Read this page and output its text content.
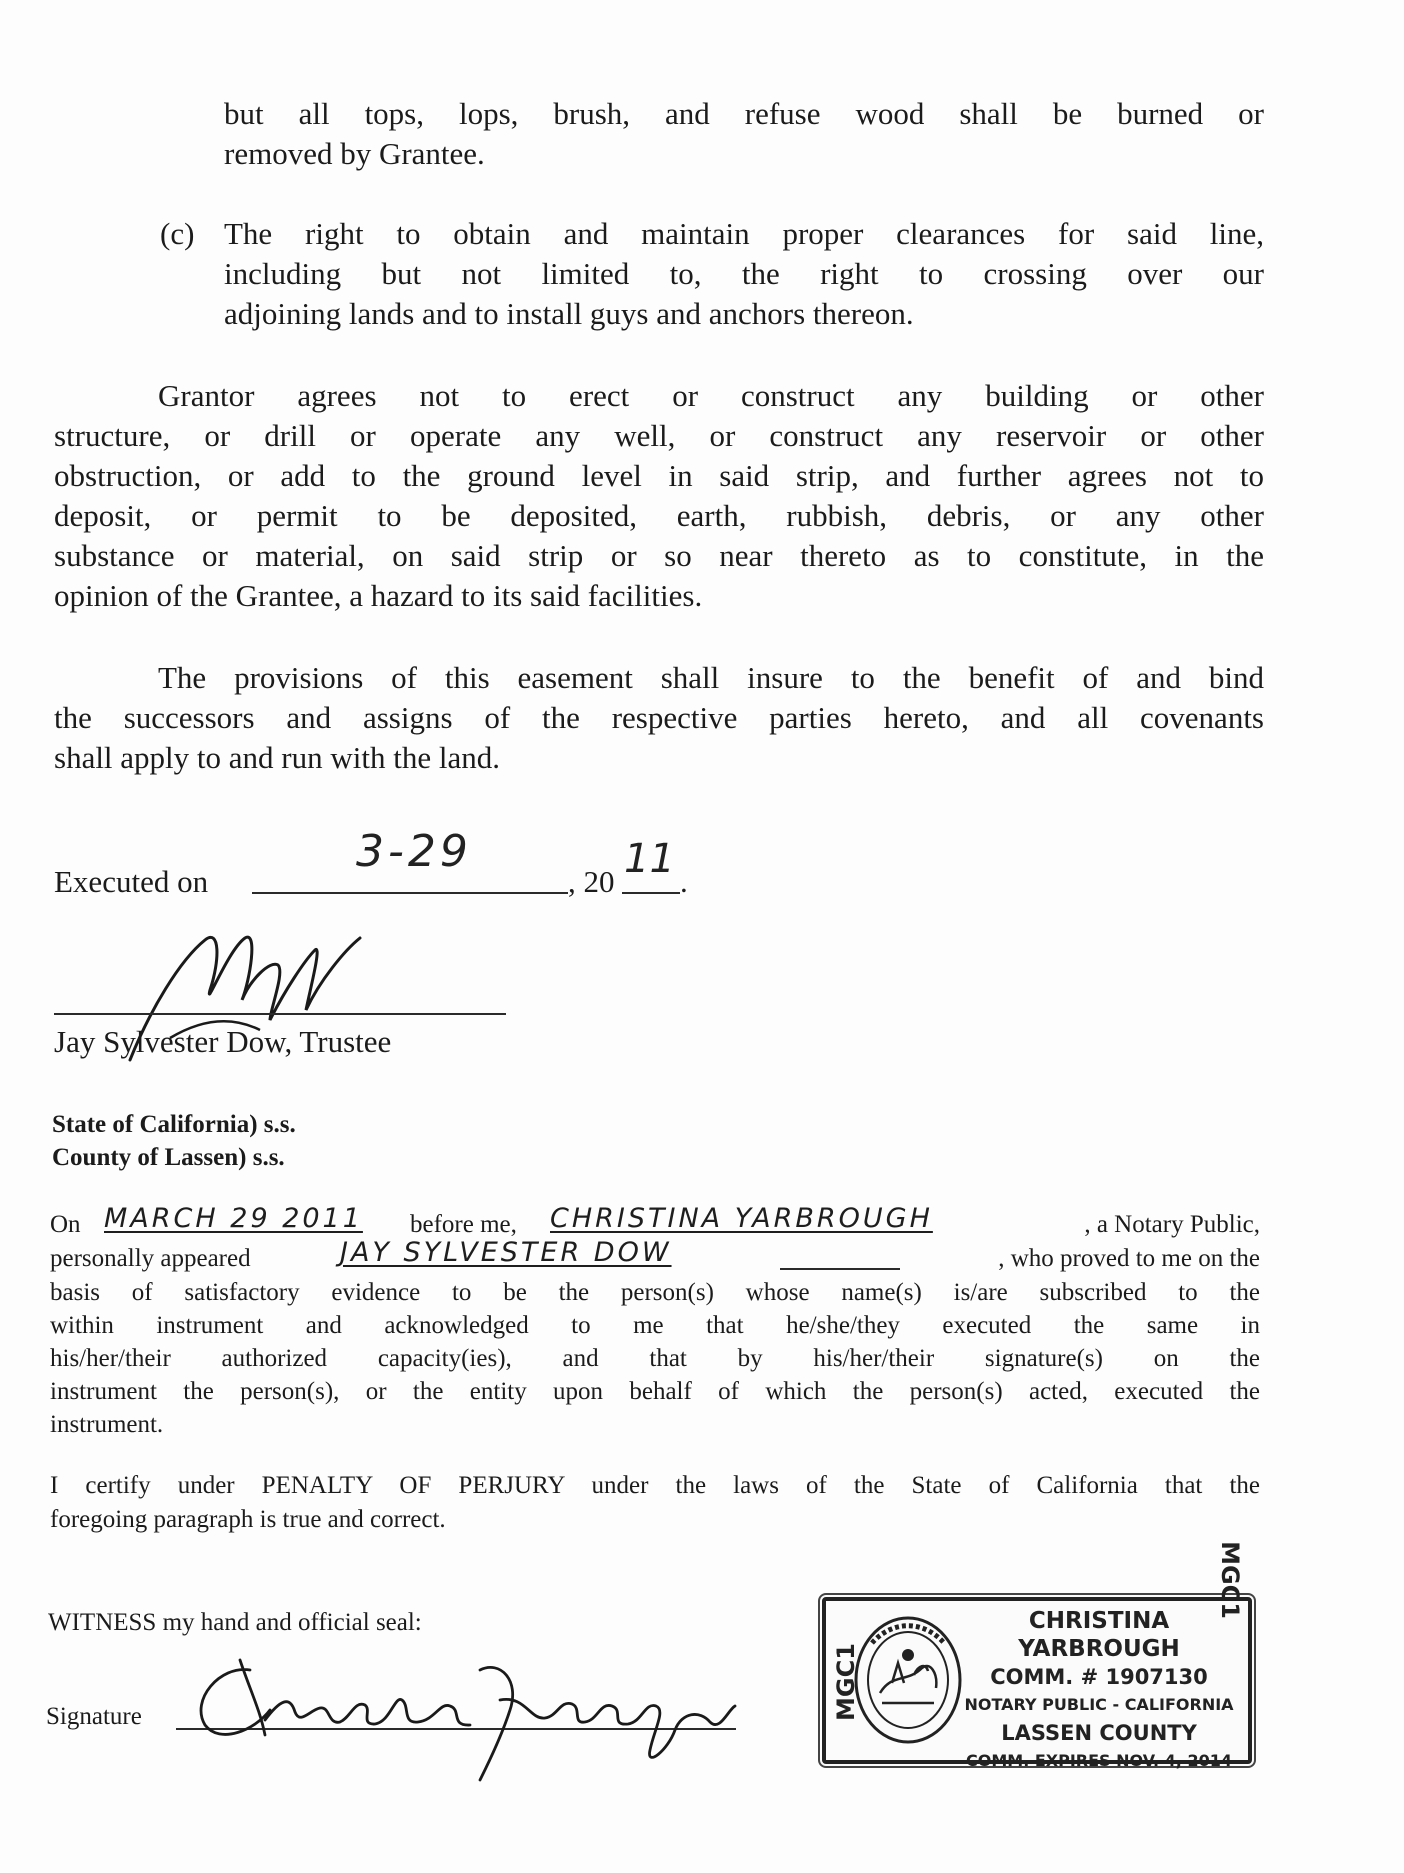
but all tops, lops, brush, and refuse wood shall be burned or
removed by Grantee.
(c) The right to obtain and maintain proper clearances for said line,
including but not limited to, the right to crossing over our
adjoining lands and to install guys and anchors thereon.
Grantor agrees not to erect or construct any building or other
structure, or drill or operate any well, or construct any reservoir or other
obstruction, or add to the ground level in said strip, and further agrees not to
deposit, or permit to be deposited, earth, rubbish, debris, or any other
substance or material, on said strip or so near thereto as to constitute, in the
opinion of the Grantee, a hazard to its said facilities.
The provisions of this easement shall insure to the benefit of and bind
the successors and assigns of the respective parties hereto, and all covenants
shall apply to and run with the land.
Executed on
3-29
, 20 11 .
Jay Sylvester Dow, Trustee
State of California) s.s.
County of Lassen) s.s.
On MARCH 29 2011 before me, CHRISTINA YARBROUGH	, a Notary Public,
personally appeared	JAY SYLVESTER DOW	, who proved to me on the
basis of satisfactory evidence to be the person(s) whose name(s) is/are subscribed to the
within instrument and acknowledged to me that he/she/they executed the same in
his/her/their authorized capacity(ies), and that by his/her/their signature(s) on the
instrument the person(s), or the entity upon behalf of which the person(s) acted, executed the
instrument.
I certify under PENALTY OF PERJURY under the laws of the State of California that the
foregoing paragraph is true and correct.
WITNESS my hand and official seal:
Signature	MGC1
CHRISTINA YARBROUGH
COMM. # 1907130
NOTARY PUBLIC - CALIFORNIA
LASSEN COUNTY
COMM. EXPIRES NOV. 4, 2014
MGC1
